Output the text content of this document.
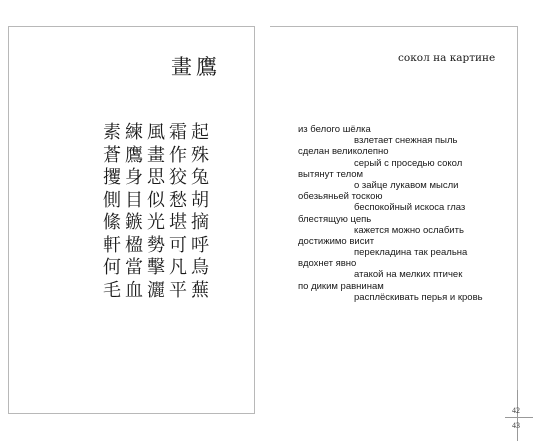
畫鷹
起
殊
兔
胡
摘
呼
鳥
蕪
霜
作
狡
愁
堪
可
凡
平
風
畫
思
似
光
勢
擊
灑
練
鷹
身
目
鏃
楹
當
血
素
蒼
攫
側
絛
軒
何
毛
сокол на картине
из белого шёлка
взлетает снежная пыль
сделан великолепно
серый с проседью сокол
вытянут телом
о зайце лукавом мысли
обезьяньей тоскою
беспокойный искоса глаз
блестящую цепь
кажется можно ослабить
достижимо висит
перекладина так реальна
вдохнет явно
атакой на мелких птичек
по диким равнинам
расплёскивать перья и кровь
42
43
